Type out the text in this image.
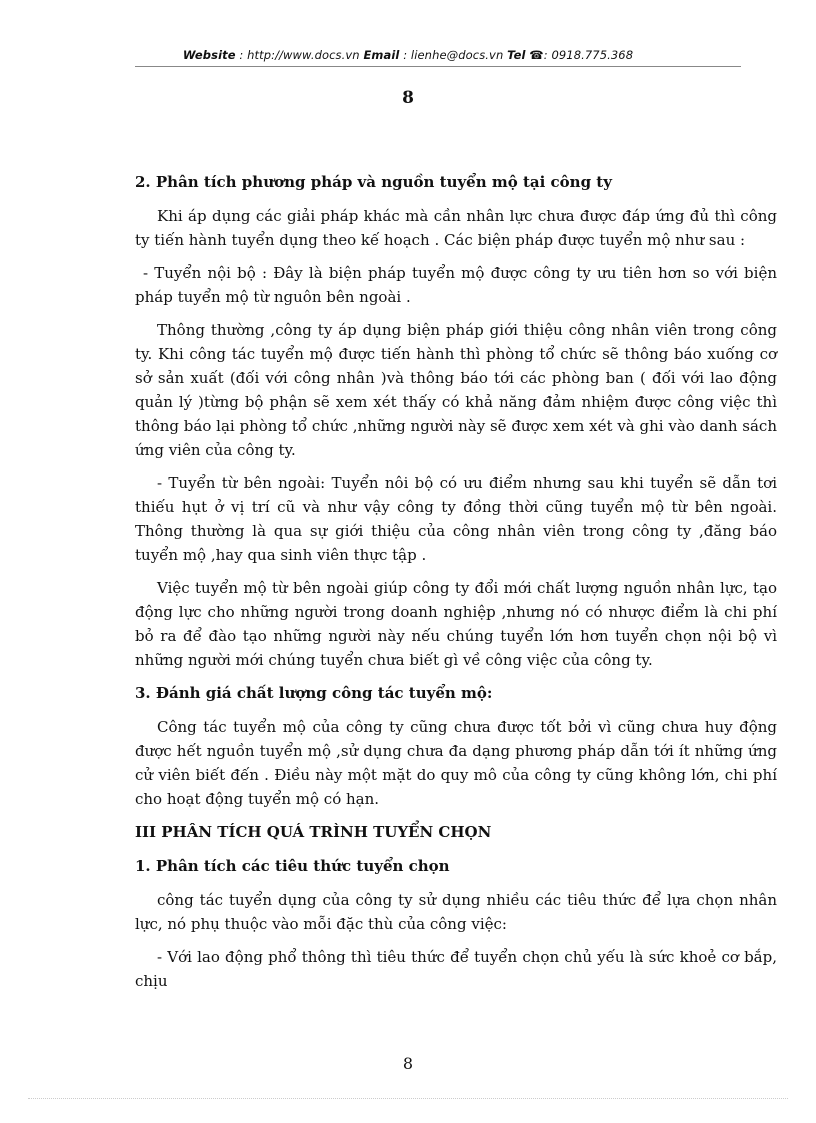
Website : http://www.docs.vn Email : lienhe@docs.vn Tel ☎: 0918.775.368
8
2. Phân tích phương pháp và nguồn tuyển mộ tại công ty

Khi áp dụng các giải pháp khác mà cần nhân lực chưa được đáp ứng đủ thì công ty tiến hành tuyển dụng theo kế hoạch . Các biện pháp được tuyển mộ như sau :

- Tuyển nội bộ : Đây là biện pháp tuyển mộ được công ty ưu tiên hơn so với biện pháp tuyển mộ từ nguôn bên ngoài .

Thông thường ,công ty áp dụng biện pháp giới thiệu công nhân viên trong công ty. Khi công tác tuyển mộ được tiến hành thì phòng tổ chức sẽ thông báo xuống cơ sở sản xuất (đối với công nhân )và thông báo tới các phòng ban ( đối với lao động quản lý )từng bộ phận sẽ xem xét thấy có khả năng đảm nhiệm được công việc thì thông báo lại phòng tổ chức ,những người này sẽ được xem xét và ghi vào danh sách ứng viên của công ty.

- Tuyển từ bên ngoài: Tuyển nôi bộ có ưu điểm nhưng sau khi tuyển sẽ dẫn tơi thiếu hụt ở vị trí cũ và như vậy công ty đồng thời cũng tuyển mộ từ bên ngoài. Thông thường là qua sự giới thiệu của công nhân viên trong công ty ,đăng báo tuyển mộ ,hay qua sinh viên thực tập .

Việc tuyển mộ từ bên ngoài giúp công ty đổi mới chất lượng nguồn nhân lực, tạo động lực cho những người trong doanh nghiệp ,nhưng nó có nhược điểm là chi phí bỏ ra để đào tạo những người này nếu chúng tuyển lớn hơn tuyển chọn nội bộ vì những người mới chúng tuyển chưa biết gì về công việc của công ty.

3. Đánh giá chất lượng công tác tuyển mộ:

Công tác tuyển mộ của công ty cũng chưa được tốt bởi vì cũng chưa huy động được hết nguồn tuyển mộ ,sử dụng chưa đa dạng phương pháp dẫn tới ít những ứng cử viên biết đến . Điều này một mặt do quy mô của công ty cũng không lớn, chi phí cho hoạt động tuyển mộ có hạn.

III PHÂN TÍCH QUÁ TRÌNH TUYỂN CHỌN
1. Phân tích các tiêu thức tuyển chọn

công tác tuyển dụng của công ty sử dụng nhiều các tiêu thức để lựa chọn nhân lực, nó phụ thuộc vào mỗi đặc thù của công việc:

- Với lao động phổ thông thì tiêu thức để tuyển chọn chủ yếu là sức khoẻ cơ bắp, chịu

8
